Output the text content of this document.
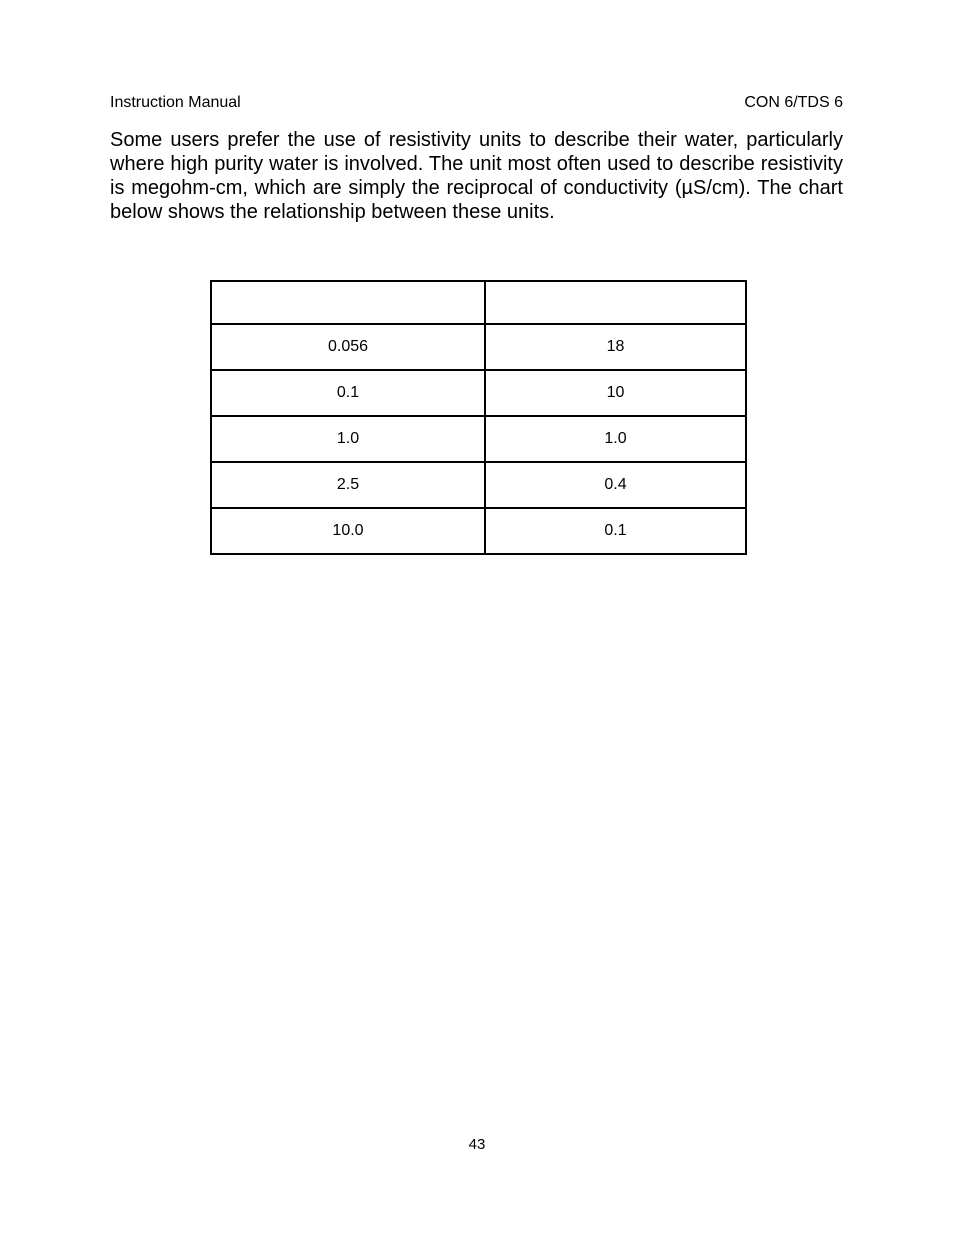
Instruction Manual	CON 6/TDS 6

Some users prefer the use of resistivity units to describe their water, particularly where high purity water is involved. The unit most often used to describe resistivity is megohm-cm, which are simply the reciprocal of conductivity (µS/cm). The chart below shows the relationship between these units.

0.056	18
0.1	10
1.0	1.0
2.5	0.4
10.0	0.1
43
